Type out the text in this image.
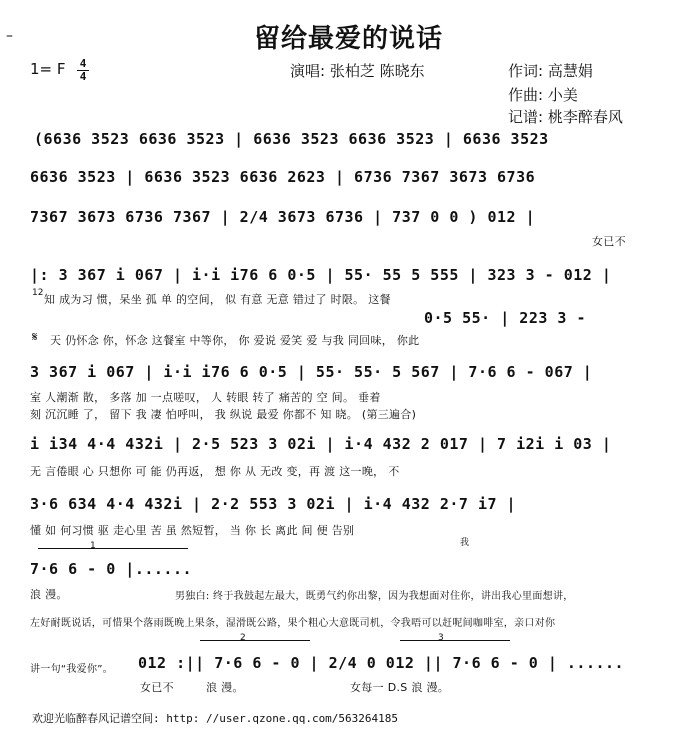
–	留给最爱的说话
1= F 4
4	演唱: 张柏芝 陈晓东	作词: 高慧娟
作曲: 小美
记谱: 桃李醉春风
(6636 3523 6636 3523 | 6636 3523 6636 3523 | 6636 3523
6636 3523 | 6636 3523 6636 2623 | 6736 7367 3673 6736
7367 3673 6736 7367 | 2/4 3673 6736 | 737 0 0 ) 012 |
女已不
|: 3 367 i 067 | i·i i76 6 0·5 | 55· 55 5 555 | 323 3 - 012 |
12 知 成为习 惯，呆坐 孤 单 的空间， 似 有意 无意 错过了 时限。 这餐
0·5 55· | 223 3 -
𝄋 天 仍怀念 你，怀念 这餐室 中等你， 你 爱说 爱笑 爱 与我 同回味， 你此
3 367 i 067 | i·i i76 6 0·5 | 55· 55· 5 567 | 7·6 6 - 067 |
室 人潮渐 散， 多落 加 一点嗟叹， 人 转眼 转了 痛苦的 空 间。 垂着
刻 沉沉睡 了， 留下 我 凄 怕呼叫， 我 纵说 最爱 你都不 知 晓。 (第三遍合)
i i34 4·4 432i | 2·5 523 3 02i | i·4 432 2 017 | 7 i2i i 03 |
无 言倦眼 心 只想你 可 能 仍再返， 想 你 从 无改 变，再 渡 这一晚， 不
3·6 634 4·4 432i | 2·2 553 3 02i | i·4 432 2·7 i7 |
懂 如 何习惯 驱 走心里 苦 虽 然短暂， 当 你 长 离此 间 便 告别
我
1
7·6 6 - 0 |......
浪 漫。	男独白: 终于我鼓起左最大，既勇气约你出黎，因为我想面对住你，讲出我心里面想讲，
左好耐既说话，可惜果个落雨既晚上果条，湿滑既公路，果个粗心大意既司机，令我唔可以赶呢间咖啡室，亲口对你
2	3
讲一句“我爱你”。 012 :|| 7·6 6 - 0 | 2/4 0 012 || 7·6 6 - 0 | ......
女已不	浪 漫。	女每一 D.S 浪 漫。
欢迎光临醉春风记谱空间: http: //user.qzone.qq.com/563264185
